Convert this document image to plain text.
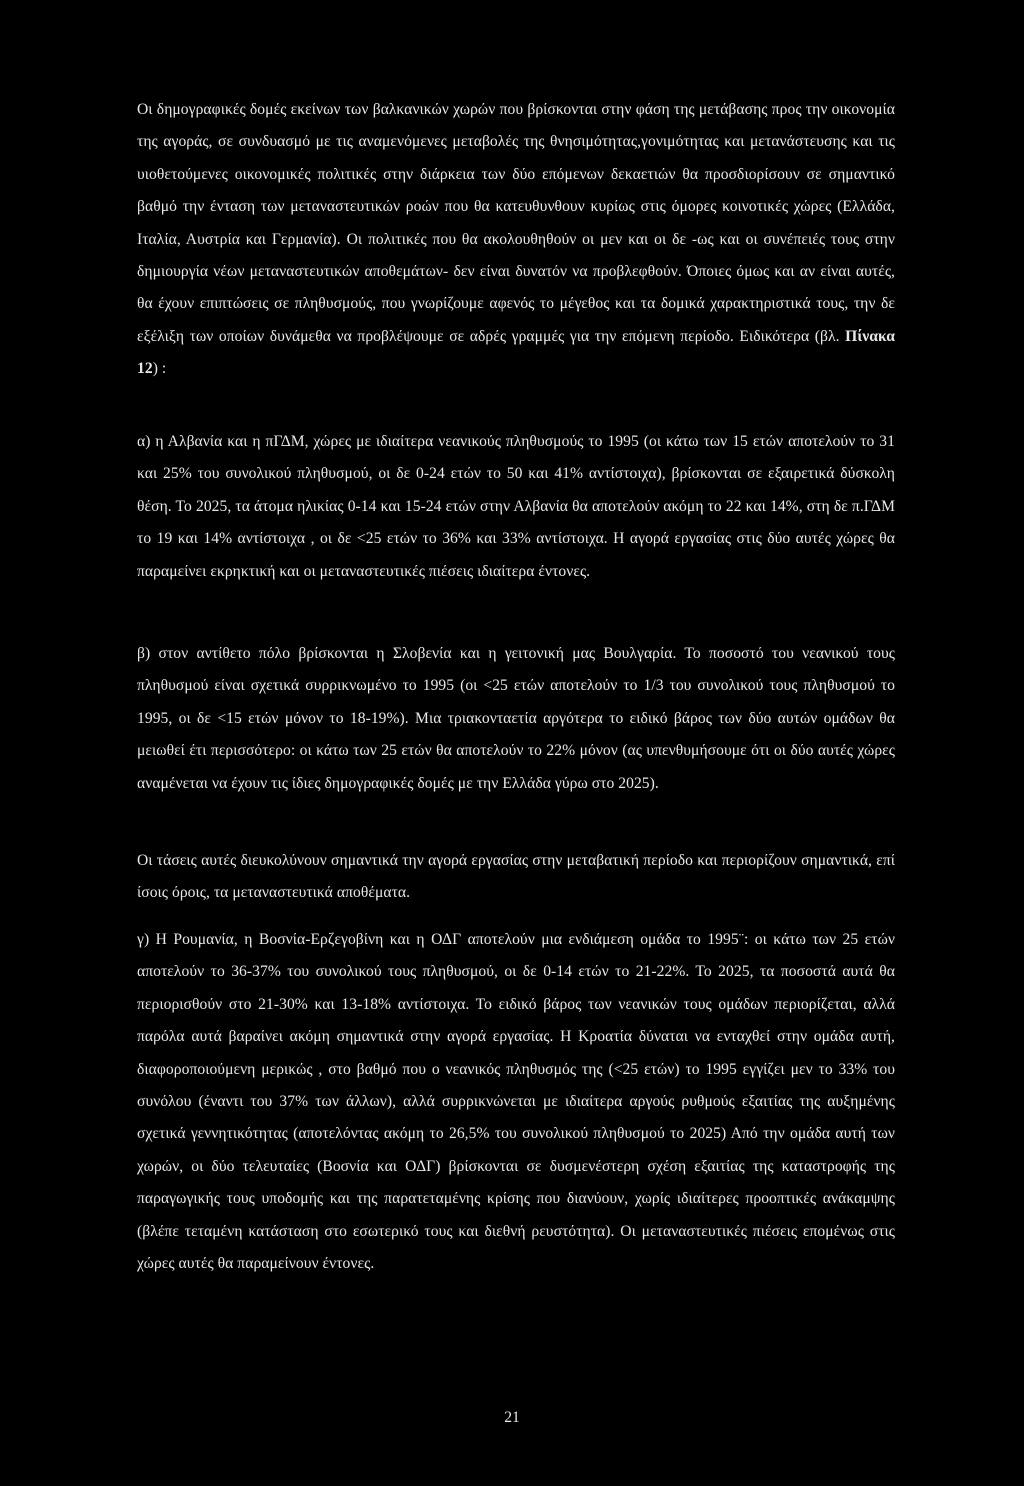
Οι δημογραφικές δομές εκείνων των βαλκανικών χωρών που βρίσκονται στην φάση της μετάβασης προς την οικονομία της αγοράς, σε συνδυασμό με τις αναμενόμενες μεταβολές της θνησιμότητας,γονιμότητας και μετανάστευσης και τις υιοθετούμενες οικονομικές πολιτικές στην διάρκεια των δύο επόμενων δεκαετιών θα προσδιορίσουν σε σημαντικό βαθμό την ένταση των μεταναστευτικών ροών που θα κατευθυνθουν κυρίως στις όμορες κοινοτικές χώρες (Ελλάδα, Ιταλία, Αυστρία και Γερμανία). Οι πολιτικές που θα ακολουθηθούν οι μεν και οι δε -ως και οι συνέπειές τους στην δημιουργία νέων μεταναστευτικών αποθεμάτων- δεν είναι δυνατόν να προβλεφθούν. Όποιες όμως και αν είναι αυτές, θα έχουν επιπτώσεις σε πληθυσμούς, που γνωρίζουμε αφενός το μέγεθος και τα δομικά χαρακτηριστικά τους, την δε εξέλιξη των οποίων δυνάμεθα να προβλέψουμε σε αδρές γραμμές για την επόμενη περίοδο. Ειδικότερα (βλ. Πίνακα 12) :

α) η Αλβανία και η πΓΔΜ, χώρες με ιδιαίτερα νεανικούς πληθυσμούς το 1995 (οι κάτω των 15 ετών αποτελούν το 31 και 25% του συνολικού πληθυσμού, οι δε 0-24 ετών το 50 και 41% αντίστοιχα), βρίσκονται σε εξαιρετικά δύσκολη θέση. Το 2025, τα άτομα ηλικίας 0-14 και 15-24 ετών στην Αλβανία θα αποτελούν ακόμη το 22 και 14%, στη δε π.ΓΔΜ το 19 και 14% αντίστοιχα , οι δε <25 ετών το 36% και 33% αντίστοιχα. Η αγορά εργασίας στις δύο αυτές χώρες θα παραμείνει εκρηκτική και οι μεταναστευτικές πιέσεις ιδιαίτερα έντονες.

β) στον αντίθετο πόλο βρίσκονται η Σλοβενία και η γειτονική μας Βουλγαρία. Το ποσοστό του νεανικού τους πληθυσμού είναι σχετικά συρρικνωμένο το 1995 (οι <25 ετών αποτελούν το 1/3 του συνολικού τους πληθυσμού το 1995, οι δε <15 ετών μόνον το 18-19%). Μια τριακονταετία αργότερα το ειδικό βάρος των δύο αυτών ομάδων θα μειωθεί έτι περισσότερο: οι κάτω των 25 ετών θα αποτελούν το 22% μόνον (ας υπενθυμήσουμε ότι οι δύο αυτές χώρες αναμένεται να έχουν τις ίδιες δημογραφικές δομές με την Ελλάδα γύρω στο 2025).

Οι τάσεις αυτές διευκολύνουν σημαντικά την αγορά εργασίας στην μεταβατική περίοδο και περιορίζουν σημαντικά, επί ίσοις όροις, τα μεταναστευτικά αποθέματα.

γ) Η Ρουμανία, η Βοσνία-Ερζεγοβίνη και η ΟΔΓ αποτελούν μια ενδιάμεση ομάδα το 1995¨: οι κάτω των 25 ετών αποτελούν το 36-37% του συνολικού τους πληθυσμού, οι δε 0-14 ετών το 21-22%. Το 2025, τα ποσοστά αυτά θα περιορισθούν στο 21-30% και 13-18% αντίστοιχα. Το ειδικό βάρος των νεανικών τους ομάδων περιορίζεται, αλλά παρόλα αυτά βαραίνει ακόμη σημαντικά στην αγορά εργασίας. Η Κροατία δύναται να ενταχθεί στην ομάδα αυτή, διαφοροποιούμενη μερικώς , στο βαθμό που ο νεανικός πληθυσμός της (<25 ετών) το 1995 εγγίζει μεν το 33% του συνόλου (έναντι του 37% των άλλων), αλλά συρρικνώνεται με ιδιαίτερα αργούς ρυθμούς εξαιτίας της αυξημένης σχετικά γεννητικότητας (αποτελόντας ακόμη το 26,5% του συνολικού πληθυσμού το 2025) Από την ομάδα αυτή των χωρών, οι δύο τελευταίες (Βοσνία και ΟΔΓ) βρίσκονται σε δυσμενέστερη σχέση εξαιτίας της καταστροφής της παραγωγικής τους υποδομής και της παρατεταμένης κρίσης που διανύουν, χωρίς ιδιαίτερες προοπτικές ανάκαμψης (βλέπε τεταμένη κατάσταση στο εσωτερικό τους και διεθνή ρευστότητα). Οι μεταναστευτικές πιέσεις επομένως στις χώρες αυτές θα παραμείνουν έντονες.

21
